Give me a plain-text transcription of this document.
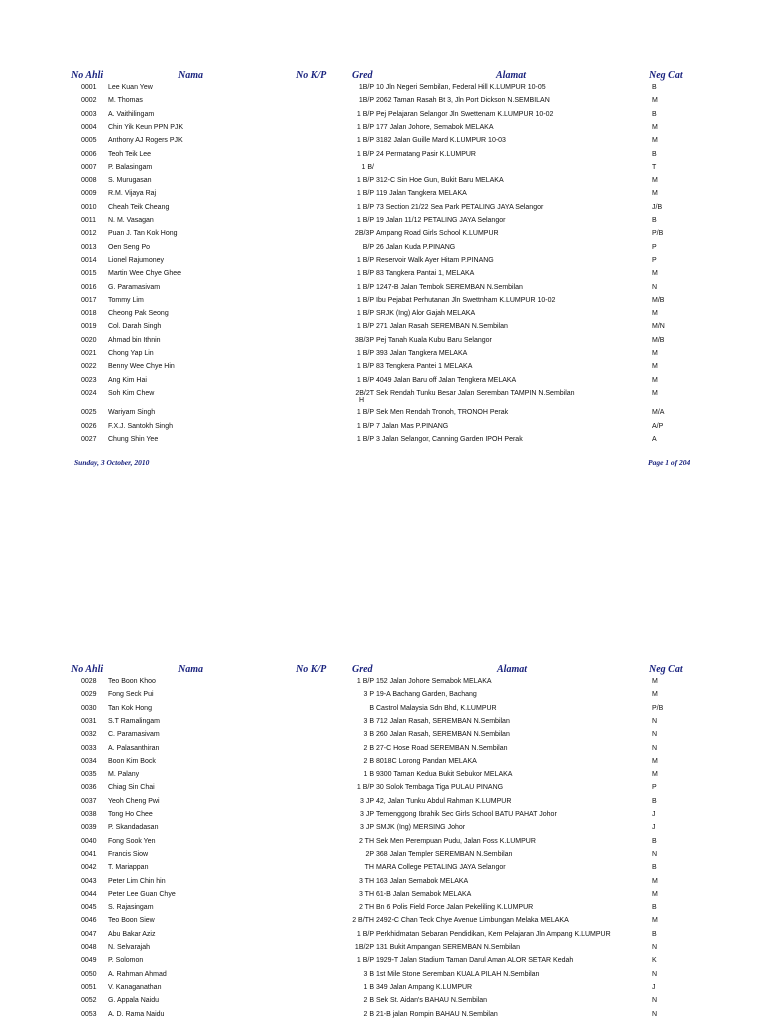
No Ahli	Nama	No K/P	Gred	Alamat	Neg Cat
0001 Lee Kuan Yew	1B/P 10 Jln Negeri Sembilan, Federal Hill K.LUMPUR 10-05	B
0002 M. Thomas	1B/P 2062 Taman Rasah Bt 3, Jln Port Dickson N.SEMBILAN	M
0003 A. Vaithilingam	1 B/P Pej Pelajaran Selangor Jln Swettenam K.LUMPUR 10-02	B
0004 Chin Yik Keun PPN PJK	1 B/P 177 Jalan Johore, Semabok MELAKA	M
0005 Anthony AJ Rogers PJK	1 B/P 3182 Jalan Guille Mard K.LUMPUR 10-03	M
0006 Teoh Teik Lee	1 B/P 24 Permatang Pasir K.LUMPUR	B
0007 P. Balasingam	1 B/	T
0008 S. Murugasan	1 B/P 312-C Sin Hoe Gun, Bukit Baru MELAKA	M
0009 R.M. Vijaya Raj	1 B/P 119 Jalan Tangkera MELAKA	M
0010 Cheah Teik Cheang	1 B/P 73 Section 21/22 Sea Park PETALING JAYA Selangor	J/B
0011 N. M. Vasagan	1 B/P 19 Jalan 11/12 PETALING JAYA Selangor	B
0012 Puan J. Tan Kok Hong	2B/3P Ampang Road Girls School K.LUMPUR	P/B
0013 Oen Seng Po	B/P 26 Jalan Kuda P.PINANG	P
0014 Lionel Rajumoney	1 B/P Reservoir Walk Ayer Hitam P.PINANG	P
0015 Martin Wee Chye Ghee	1 B/P 83 Tangkera Pantai 1, MELAKA	M
0016 G. Paramasivam	1 B/P 1247-B Jalan Tembok SEREMBAN N.Sembilan	N
0017 Tommy Lim	1 B/P Ibu Pejabat Perhutanan Jln Swettnham K.LUMPUR 10-02	M/B
0018 Cheong Pak Seong	1 B/P SRJK (Ing) Alor Gajah MELAKA	M
0019 Col. Darah Singh	1 B/P 271 Jalan Rasah SEREMBAN N.Sembilan	M/N
0020 Ahmad bin Ithnin	3B/3P Pej Tanah Kuala Kubu Baru Selangor	M/B
0021 Chong Yap Lin	1 B/P 393 Jalan Tangkera MELAKA	M
0022 Benny Wee Chye Hin	1 B/P 83 Tengkera Pantei 1 MELAKA	M
0023 Ang Kim Hai	1 B/P 4049 Jalan Baru off Jalan Tengkera MELAKA	M
0024 Soh Kim Chew	2B/2T Sek Rendah Tunku Besar Jalan Seremban TAMPIN N.Sembilan	M
H
0025 Wariyam Singh	1 B/P Sek Men Rendah Tronoh, TRONOH Perak	M/A
0026 F.X.J. Santokh Singh	1 B/P 7 Jalan Mas P.PINANG	A/P
0027 Chung Shin Yee	1 B/P 3 Jalan Selangor, Canning Garden IPOH Perak	A
Sunday, 3 October, 2010	Page 1 of 204
No Ahli	Nama	No K/P	Gred	Alamat	Neg Cat
0028 Teo Boon Khoo	1 B/P 152 Jalan Johore Semabok MELAKA	M
0029 Fong Seck Pui	3 P 19-A Bachang Garden, Bachang	M
0030 Tan Kok Hong	B Castrol Malaysia Sdn Bhd, K.LUMPUR	P/B
0031 S.T Ramalingam	3 B 712 Jalan Rasah, SEREMBAN N.Sembilan	N
0032 C. Paramasivam	3 B 260 Jalan Rasah, SEREMBAN N.Sembilan	N
0033 A. Palasanthiran	2 B 27-C Hose Road SEREMBAN N.Sembilan	N
0034 Boon Kim Bock	2 B 8018C Lorong Pandan MELAKA	M
0035 M. Palany	1 B 9300 Taman Kedua Bukit Sebukor MELAKA	M
0036 Chiag Sin Chai	1 B/P 30 Solok Tembaga Tiga PULAU PINANG	P
0037 Yeoh Cheng Pwi	3 JP 42, Jalan Tunku Abdul Rahman K.LUMPUR	B
0038 Tong Ho Chee	3 JP Temenggong Ibrahik Sec Girls School BATU PAHAT Johor	J
0039 P. Skandadasan	3 JP SMJK (Ing) MERSING Johor	J
0040 Fong Sook Yen	2 TH Sek Men Perempuan Pudu, Jalan Foss K.LUMPUR	B
0041 Francis Siow	2P 368 Jalan Templer SEREMBAN N.Sembilan	N
0042 T. Mariappan	TH MARA College PETALING JAYA Selangor	B
0043 Peter Lim Chin hin	3 TH 163 Jalan Semabok MELAKA	M
0044 Peter Lee Guan Chye	3 TH 61-B Jalan Semabok MELAKA	M
0045 S. Rajasingam	2 TH Bn 6 Polis Field Force Jalan Pekeliling K.LUMPUR	B
0046 Teo Boon Siew	2 B/TH 2492-C Chan Teck Chye Avenue Limbungan Melaka MELAKA	M
0047 Abu Bakar Aziz	1 B/P Perkhidmatan Sebaran Pendidikan, Kem Pelajaran Jln Ampang K.LUMPUR	B
0048 N. Selvarajah	1B/2P 131 Bukit Ampangan SEREMBAN N.Sembilan	N
0049 P. Solomon	1 B/P 1929-T Jalan Stadium Taman Darul Aman ALOR SETAR Kedah	K
0050 A. Rahman Ahmad	3 B 1st Mile Stone Seremban KUALA PILAH N.Sembilan	N
0051 V. Kanaganathan	1 B 349 Jalan Ampang K.LUMPUR	J
0052 G. Appala Naidu	2 B Sek St. Aidan's BAHAU N.Sembilan	N
0053 A. D. Rama Naidu	2 B 21-B jalan Rompin BAHAU N.Sembilan	N
